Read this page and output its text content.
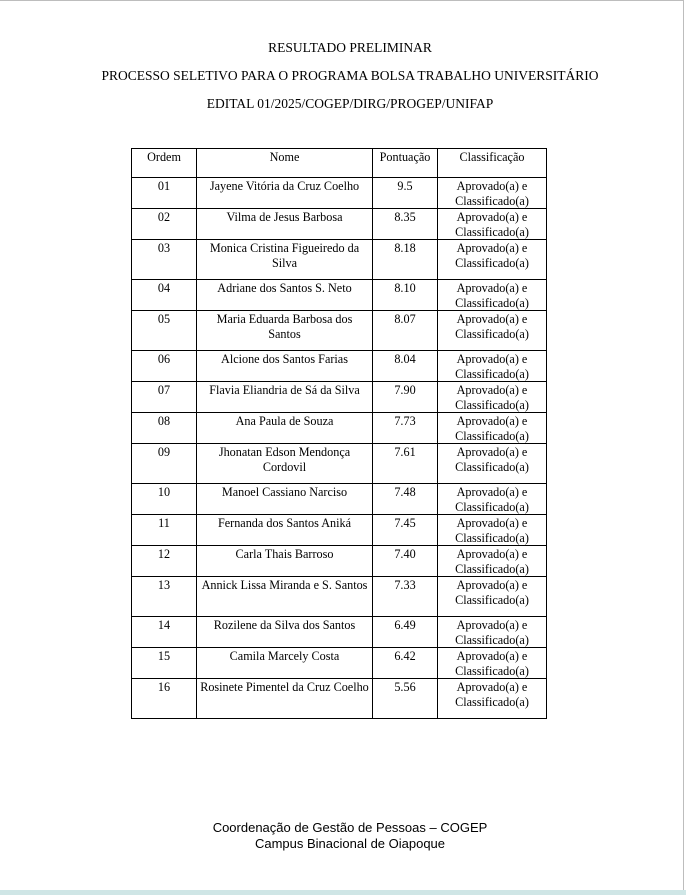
RESULTADO PRELIMINAR
PROCESSO SELETIVO PARA O PROGRAMA BOLSA TRABALHO UNIVERSITÁRIO
EDITAL 01/2025/COGEP/DIRG/PROGEP/UNIFAP
Ordem	Nome	Pontuação	Classificação
01	Jayene Vitória da Cruz Coelho	9.5	Aprovado(a) e Classificado(a)
02	Vilma de Jesus Barbosa	8.35	Aprovado(a) e Classificado(a)
03	Monica Cristina Figueiredo da Silva	8.18	Aprovado(a) e Classificado(a)
04	Adriane dos Santos S. Neto	8.10	Aprovado(a) e Classificado(a)
05	Maria Eduarda Barbosa dos Santos	8.07	Aprovado(a) e Classificado(a)
06	Alcione dos Santos Farias	8.04	Aprovado(a) e Classificado(a)
07	Flavia Eliandria de Sá da Silva	7.90	Aprovado(a) e Classificado(a)
08	Ana Paula de Souza	7.73	Aprovado(a) e Classificado(a)
09	Jhonatan Edson Mendonça Cordovil	7.61	Aprovado(a) e Classificado(a)
10	Manoel Cassiano Narciso	7.48	Aprovado(a) e Classificado(a)
11	Fernanda dos Santos Aniká	7.45	Aprovado(a) e Classificado(a)
12	Carla Thais Barroso	7.40	Aprovado(a) e Classificado(a)
13	Annick Lissa Miranda e S. Santos	7.33	Aprovado(a) e Classificado(a)
14	Rozilene da Silva dos Santos	6.49	Aprovado(a) e Classificado(a)
15	Camila Marcely Costa	6.42	Aprovado(a) e Classificado(a)
16	Rosinete Pimentel da Cruz Coelho	5.56	Aprovado(a) e Classificado(a)
Coordenação de Gestão de Pessoas – COGEP
Campus Binacional de Oiapoque
